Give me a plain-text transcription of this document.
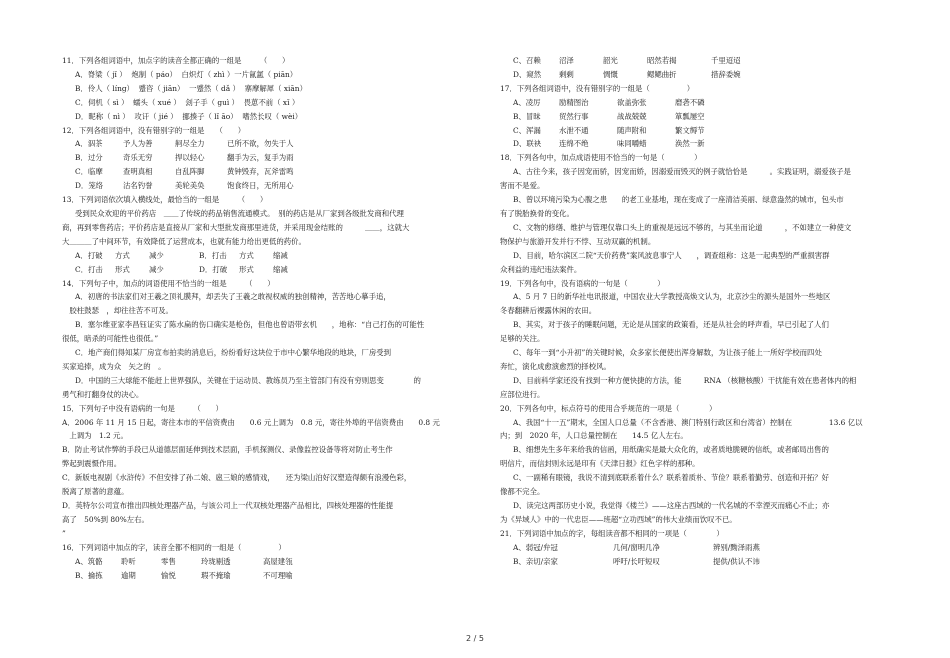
11．下列各组词语中，加点字的读音全都正确的一组是　　　（　　）
A．脊梁（ jǐ ）  炮制（ páo）  白炽灯（ zhì ）一片氤氲（ piān）
B．伶人（ líng）  蹙咨（ jiān）  一蹙然（ dǎ ）  寨摩解犀（ xiān）
C．伺机（ sì ）  蠕头（ xué ）  刽子手（ guì ）  畏葸不前（ xǐ ）
D．昵称（ nì ）  攻讦（ jié ）  挪揍子（ lǐ āo）  嗜然长叹（ wèi）
12．下列各组词语中，没有错别字的一组是　　（　　）
A．泅茶	予人为善	舸尽全力	已所不欲，勿失于人
B．过分	奇乐无穷	捍以轻心	翻手为云，复手为雨
C．临摩	查明真相	自乱阵脚	黄钟毁弃，瓦斧雷鸣
D．笼络	沽名钓誉	美轮美奂	饱食终日，无所用心
13．下列词语依次填入横线处，最恰当的一组是　　　（　　）
受到民众欢迎的平价药店　＿＿了传统的药品销售流通模式。　别的药店是从厂家到各级批发商和代理
商，再到零售药店；平价药店是直接从厂家和大型批发商那里进货，并采用现金结账的　　　＿＿，这就大
大＿＿＿了中间环节，有效降低了运营成本，也就有能力给出更低的药价。
A．打破	方式	减少	B．打击	方式	缩减
C．打击	形式	减少	D．打破	形式	缩减
14．下列句子中，加点的词语使用不恰当的一组是　　　（　　）
A．初唐的书法家们对王羲之顶礼膜拜，却丢失了王羲之敢视权威的独创精神，苦苦地心摹手追，
　胶柱鼓瑟　，却往往苦不可及。
B．塞尔维亚家李昌钰证实了陈水扁的伤口确实是枪伤，但他也曾语带玄机　　，地称：“自己打伤的可能性
很低，暗杀的可能性也很低。”
C．地产商们得知某厂房宣布拍卖的消息后，纷纷看好这块位于市中心繁华地段的地块，厂房受到
买家追捧，成为众　矢之的　。
D．中国的三大球能不能赶上世界强队，关键在于运动员、教练员乃至主管部门有没有穷则思变　　　　的
勇气和打翻身仗的决心。
15．下列句子中没有语病的一句是　　　（　　）
A．2006 年 11 月 15 日起，寄往本市的平信资费由　　0.6 元上调为　0.8 元，寄往外埠的平信资费由　　0.8 元
　上调为　1.2 元。
B．防止考试作弊的手段已从道德层面延伸到技术层面，手机探测仪、录像监控设备等将对防止考生作
弊起到震慑作用。
C．新版电视剧《水浒传》不但安排了孙二娘、扈三娘的感情戏，　　还为梁山泊好汉塑造得颇有浪漫色彩，
脱离了原著的意蕴。
D．英特尔公司宣布推出四核处理器产品，与该公司上一代双核处理器产品相比，四核处理器的性能提
高了　50%到 80%左右。
”
16．下列词语中加点的字，读音全都不相同的一组是（　　　　　）
A、筑骼	聆听	零售	玲珑剔透	高屋建瓴
B、掄拣	逾期	愉悦	瑕不掩瑜	不可理喻
C、召赖	沼泽	韶光	昭然若揭	千里迢迢
D、窥然	剩剩	惆慨	鳃鳃曲折	措辞委婉
17．下列各组词语中，没有错别字的一组是（　　　　　）
A、凌厉	励精图治	欲盖弥张	磨砻不磷
B、冒昧	贸然行事	战战兢兢	箪瓢屡空
C、浑漏	水泄不通	随声附和	繁文缛节
D、联袂	连绵不绝	味同嚼蜡	涣然一新
18．下列各句中，加点成语使用不恰当的一句是（　　　　）
A、古往今来，孩子因宠而骄，因宠而娇，因溺爱而毁灭的例子就恰恰是　　　。实践证明，溺爱孩子是
害而不是爱。
B、曾以环境污染为心腹之患　　的老工业基地，现在变成了一座清洁美丽、绿意盎然的城市，包头市
有了脱胎换骨的变化。
C、文物的修缮、维护与管理仅靠口头上的重视是远远不够的，与其坐而论道　　　，不如建立一种使文
物保护与旅游开发并行不悖、互动双赢的机制。
D、目前，哈尔滨区二院“天价药费”案风波息事宁人　　，调查组称：这是一起典型的严重损害群
众利益的违纪违法案件。
19．下列各句中，没有语病的一句是（　　　　）
A、5 月 7 日的新华社电讯报道，中国农业大学教授高焕文认为，北京沙尘的源头是国外一些地区
冬春翻耕后裸露休闲的农田。
B、其实，对于孩子的睡眠问题，无论是从国家的政策看，还是从社会的呼声看，早已引起了人们
足够的关注。
C、每年一到“小升初”的关键时候，众多家长便使出浑身解数，为让孩子能上一所好学校而四处
奔忙，演化成愈演愈烈的择校风。
D、目前科学家还没有找到一种方便快捷的方法，能　　　RNA （核糖核酸）干扰能有效在患者体内的相
应部位进行。
20．下列各句中，标点符号的使用合乎规范的一项是（　　　　）
A、我国“十一五”期末，全国人口总量（不含香港、澳门特别行政区和台湾省）控制在　　　　　13.6 亿以
内；到　2020 年，人口总量控制在　　14.5 亿人左右。
B、细想先生多年来给我的信函，用纸确实是最大众化的，或者质地脆硬的信纸，或者邮局出售的
明信片，而信封则永远是印有《天津日报》红色字样的那种。
C、一副稀有眼镜，我说不清到底联系着什么？联系着质朴、节俭？联系着勤劳、创造和开拓？好
像都不完全。
D、读完这两部历史小说，我觉得《楼兰》——这座古西域的一代名城的不幸湮灭而痛心不止；亦
为《异域人》中的一代忠臣——班超“立功西域”的伟大业绩而饮叹不已。
21．下列词语中加点的字，每组读音都不相同的一项是（　　　　）
A、弱冠/弁冠	几何/窗明几净	辨别/黝泽雨燕
B、亲切/亲家	呼吁/长吁短叹	提供/供认不讳
2 / 5
